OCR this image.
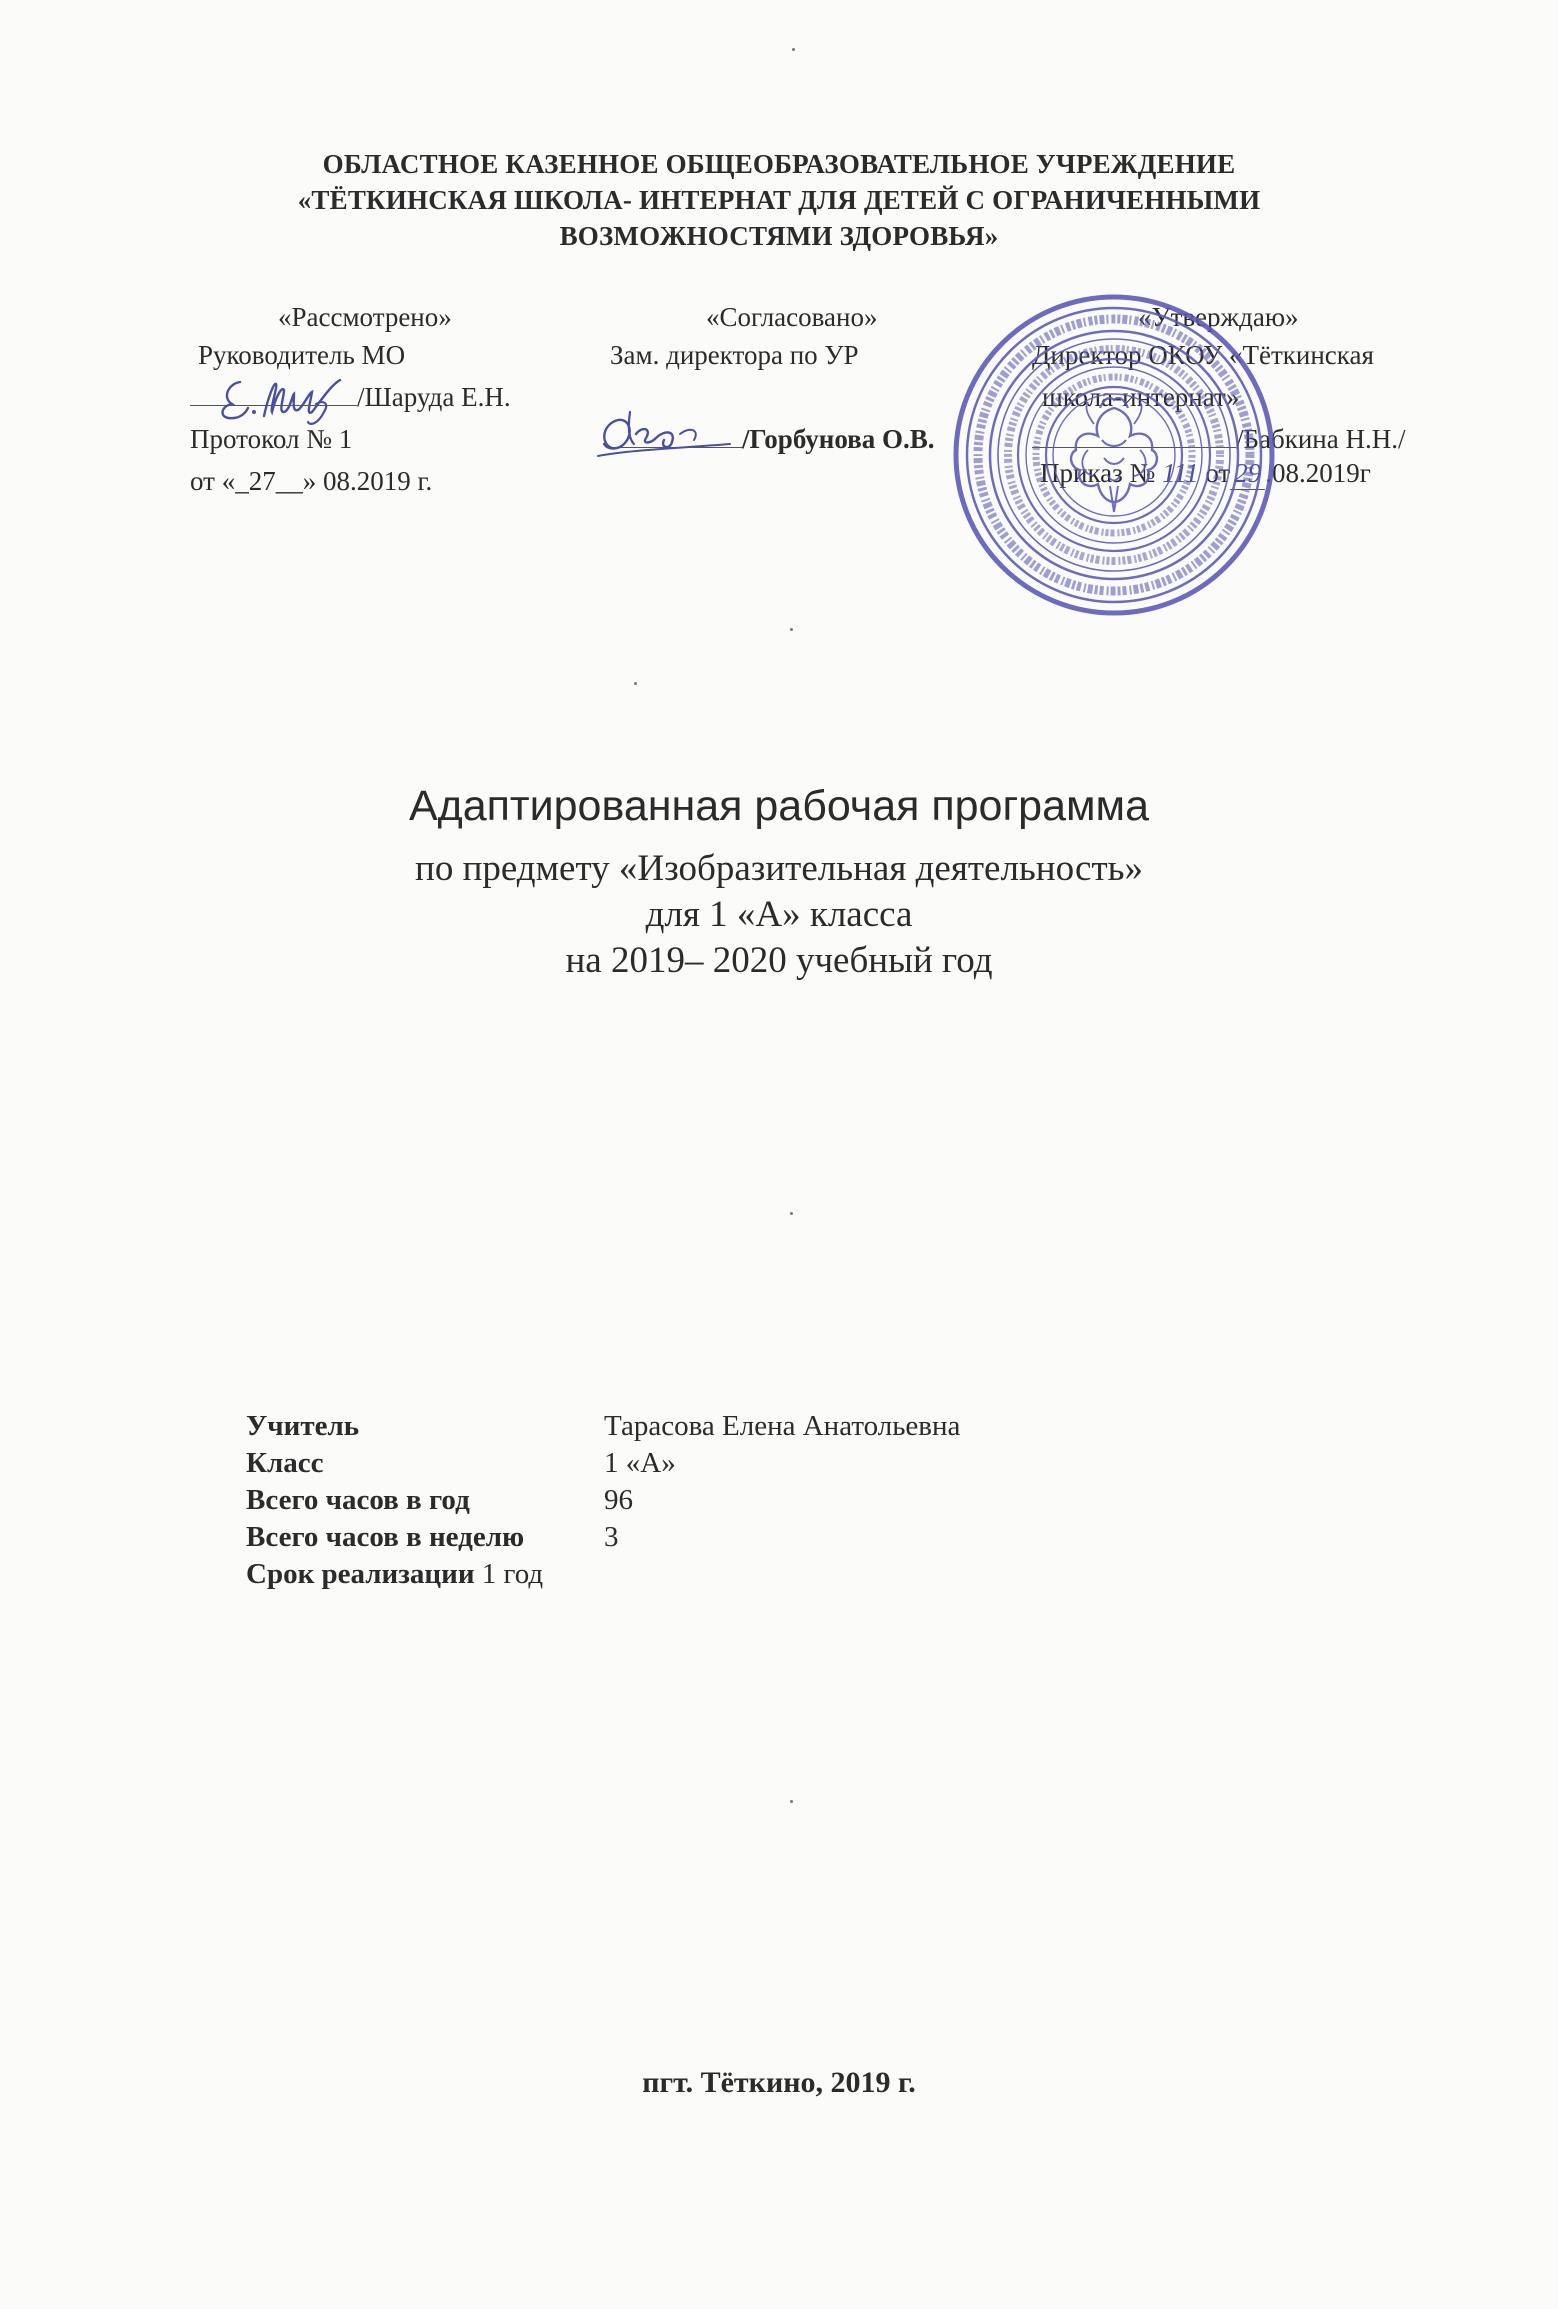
ОБЛАСТНОЕ КАЗЕННОЕ ОБЩЕОБРАЗОВАТЕЛЬНОЕ УЧРЕЖДЕНИЕ
«ТЁТКИНСКАЯ ШКОЛА- ИНТЕРНАТ ДЛЯ ДЕТЕЙ С ОГРАНИЧЕННЫМИ
ВОЗМОЖНОСТЯМИ ЗДОРОВЬЯ»
«Рассмотрено»
Руководитель МО
/Шаруда Е.Н.
Протокол № 1
от «_27__» 08.2019 г.
«Согласовано»
Зам. директора по УР
/Горбунова О.В.
«Утверждаю»
Директор ОКОУ «Тёткинская
школа-интернат»
/Бабкина Н.Н./
Приказ № 111 от 29 .08.2019г
Адаптированная рабочая программа
по предмету «Изобразительная деятельность»
для 1 «А» класса
на 2019– 2020 учебный год
Учитель	Тарасова Елена Анатольевна
Класс	1 «А»
Всего часов в год	96
Всего часов в неделю	3
Срок реализации 1 год
пгт. Тёткино, 2019 г.
